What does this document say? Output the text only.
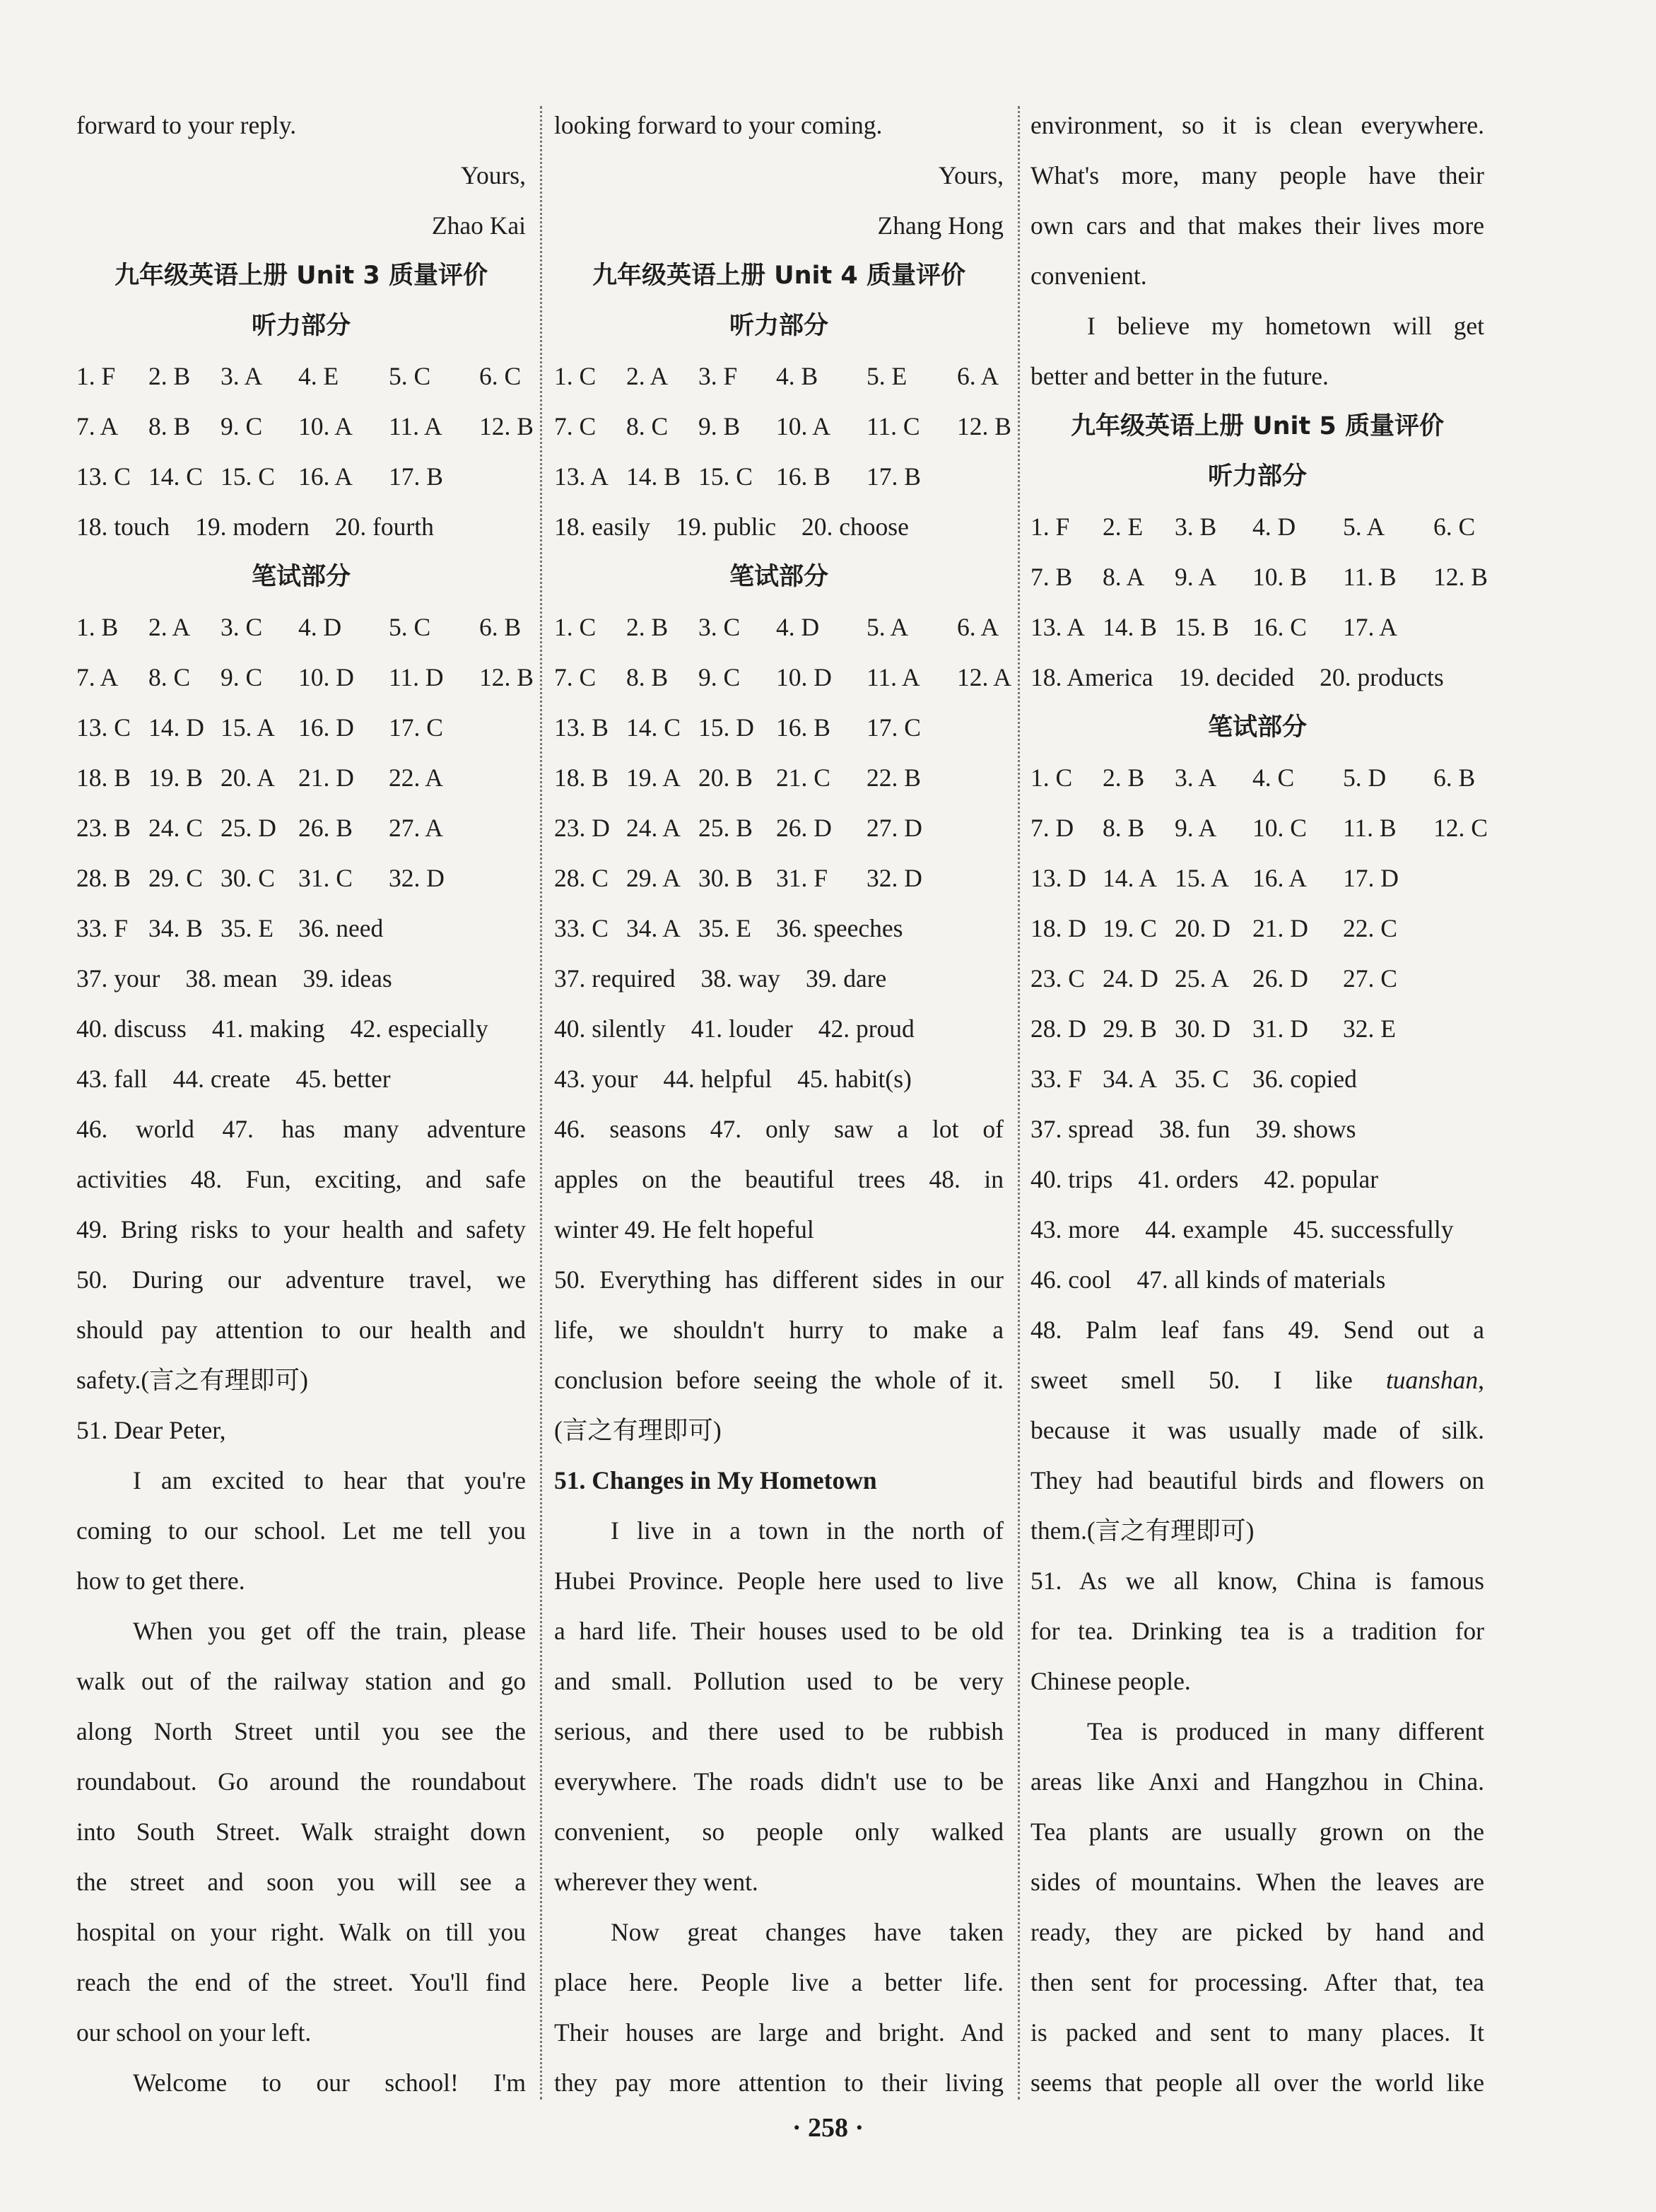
forward to your reply.
Yours,
Zhao Kai
九年级英语上册 Unit 3 质量评价
听力部分
1. F	2. B	3. A	4. E	5. C	6. C
7. A	8. B	9. C	10. A	11. A	12. B
13. C 14. C 15. C 16. A	17. B
18. touch 19. modern 20. fourth
笔试部分
1. B	2. A	3. C	4. D	5. C	6. B
7. A	8. C	9. C	10. D	11. D	12. B
13. C 14. D 15. A 16. D	17. C
18. B 19. B 20. A 21. D	22. A
23. B 24. C 25. D 26. B	27. A
28. B 29. C 30. C 31. C	32. D
33. F 34. B 35. E 36. need
37. your 38. mean 39. ideas
40. discuss 41. making 42. especially
43. fall 44. create 45. better
46. world 47. has many adventure
activities 48. Fun, exciting, and safe
49. Bring risks to your health and safety
50. During our adventure travel, we
should pay attention to our health and
safety.(言之有理即可)
51. Dear Peter,
I am excited to hear that you're
coming to our school. Let me tell you
how to get there.
When you get off the train, please
walk out of the railway station and go
along North Street until you see the
roundabout. Go around the roundabout
into South Street. Walk straight down
the street and soon you will see a
hospital on your right. Walk on till you
reach the end of the street. You'll find
our school on your left.
Welcome to our school! I'm
looking forward to your coming.
Yours,
Zhang Hong
九年级英语上册 Unit 4 质量评价
听力部分
1. C	2. A	3. F	4. B	5. E	6. A
7. C	8. C	9. B	10. A	11. C	12. B
13. A 14. B 15. C 16. B	17. B
18. easily 19. public 20. choose
笔试部分
1. C	2. B	3. C	4. D	5. A	6. A
7. C	8. B	9. C	10. D	11. A	12. A
13. B 14. C 15. D 16. B	17. C
18. B 19. A 20. B 21. C	22. B
23. D 24. A 25. B 26. D	27. D
28. C 29. A 30. B 31. F	32. D
33. C 34. A 35. E 36. speeches
37. required 38. way 39. dare
40. silently 41. louder 42. proud
43. your 44. helpful 45. habit(s)
46. seasons 47. only saw a lot of
apples on the beautiful trees 48. in
winter 49. He felt hopeful
50. Everything has different sides in our
life, we shouldn't hurry to make a
conclusion before seeing the whole of it.
(言之有理即可)
51. Changes in My Hometown
I live in a town in the north of
Hubei Province. People here used to live
a hard life. Their houses used to be old
and small. Pollution used to be very
serious, and there used to be rubbish
everywhere. The roads didn't use to be
convenient, so people only walked
wherever they went.
Now great changes have taken
place here. People live a better life.
Their houses are large and bright. And
they pay more attention to their living
environment, so it is clean everywhere.
What's more, many people have their
own cars and that makes their lives more
convenient.
I believe my hometown will get
better and better in the future.
九年级英语上册 Unit 5 质量评价
听力部分
1. F	2. E	3. B	4. D	5. A	6. C
7. B	8. A	9. A	10. B	11. B	12. B
13. A 14. B 15. B 16. C	17. A
18. America 19. decided 20. products
笔试部分
1. C	2. B	3. A	4. C	5. D	6. B
7. D	8. B	9. A	10. C	11. B	12. C
13. D 14. A 15. A 16. A	17. D
18. D 19. C 20. D 21. D	22. C
23. C 24. D 25. A 26. D	27. C
28. D 29. B 30. D 31. D	32. E
33. F 34. A 35. C 36. copied
37. spread 38. fun 39. shows
40. trips 41. orders 42. popular
43. more 44. example 45. successfully
46. cool 47. all kinds of materials
48. Palm leaf fans 49. Send out a
sweet smell 50. I like tuanshan,
because it was usually made of silk.
They had beautiful birds and flowers on
them.(言之有理即可)
51. As we all know, China is famous
for tea. Drinking tea is a tradition for
Chinese people.
Tea is produced in many different
areas like Anxi and Hangzhou in China.
Tea plants are usually grown on the
sides of mountains. When the leaves are
ready, they are picked by hand and
then sent for processing. After that, tea
is packed and sent to many places. It
seems that people all over the world like
· 258 ·
